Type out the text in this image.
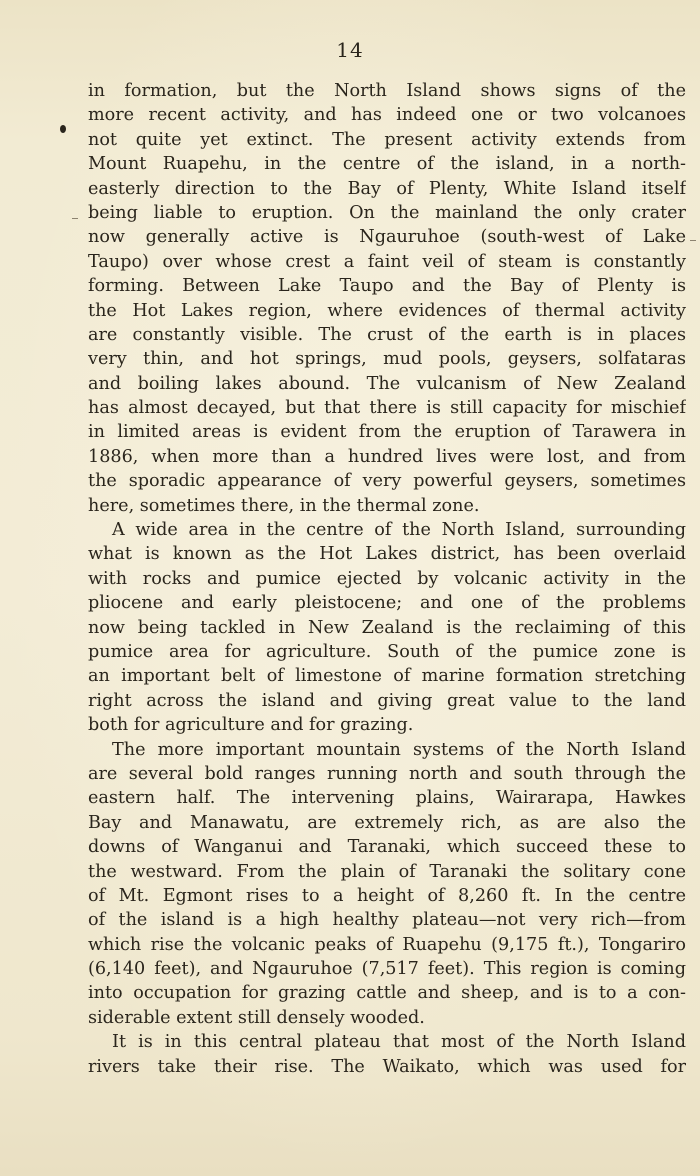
14
in formation, but the North Island shows signs of the
more recent activity, and has indeed one or two volcanoes
not quite yet extinct. The present activity extends from
Mount Ruapehu, in the centre of the island, in a north-
easterly direction to the Bay of Plenty, White Island itself
being liable to eruption. On the mainland the only crater
now generally active is Ngauruhoe (south-west of Lake
Taupo) over whose crest a faint veil of steam is constantly
forming. Between Lake Taupo and the Bay of Plenty is
the Hot Lakes region, where evidences of thermal activity
are constantly visible. The crust of the earth is in places
very thin, and hot springs, mud pools, geysers, solfataras
and boiling lakes abound. The vulcanism of New Zealand
has almost decayed, but that there is still capacity for mischief
in limited areas is evident from the eruption of Tarawera in
1886, when more than a hundred lives were lost, and from
the sporadic appearance of very powerful geysers, sometimes
here, sometimes there, in the thermal zone.
A wide area in the centre of the North Island, surrounding
what is known as the Hot Lakes district, has been overlaid
with rocks and pumice ejected by volcanic activity in the
pliocene and early pleistocene; and one of the problems
now being tackled in New Zealand is the reclaiming of this
pumice area for agriculture. South of the pumice zone is
an important belt of limestone of marine formation stretching
right across the island and giving great value to the land
both for agriculture and for grazing.
The more important mountain systems of the North Island
are several bold ranges running north and south through the
eastern half. The intervening plains, Wairarapa, Hawkes
Bay and Manawatu, are extremely rich, as are also the
downs of Wanganui and Taranaki, which succeed these to
the westward. From the plain of Taranaki the solitary cone
of Mt. Egmont rises to a height of 8,260 ft. In the centre
of the island is a high healthy plateau—not very rich—from
which rise the volcanic peaks of Ruapehu (9,175 ft.), Tongariro
(6,140 feet), and Ngauruhoe (7,517 feet). This region is coming
into occupation for grazing cattle and sheep, and is to a con-
siderable extent still densely wooded.
It is in this central plateau that most of the North Island
rivers take their rise. The Waikato, which was used for
